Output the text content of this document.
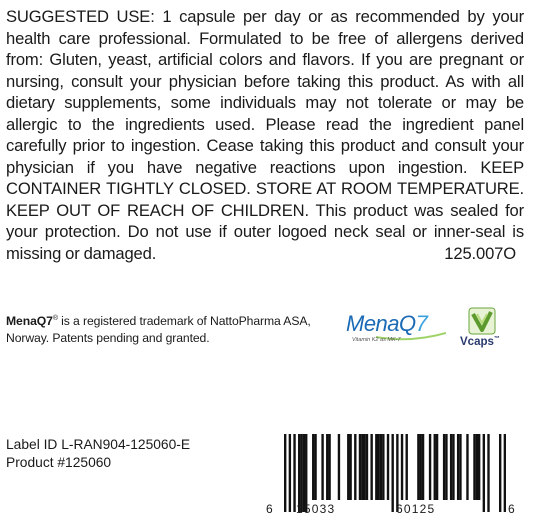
SUGGESTED USE: 1 capsule per day or as recommended by your health care professional. Formulated to be free of allergens derived from: Gluten, yeast, artificial colors and flavors. If you are pregnant or nursing, consult your physician before taking this product. As with all dietary supplements, some individuals may not tolerate or may be allergic to the ingredients used. Please read the ingredient panel carefully prior to ingestion. Cease taking this product and consult your physician if you have negative reactions upon ingestion. KEEP CONTAINER TIGHTLY CLOSED. STORE AT ROOM TEMPERATURE. KEEP OUT OF REACH OF CHILDREN. This product was sealed for your protection. Do not use if outer logoed neck seal or inner-seal is missing or damaged.	125.007O
MenaQ7® is a registered trademark of NattoPharma ASA, Norway. Patents pending and granted.
MenaQ7
Vitamin K2 as MK-7	Vcaps™
Label ID L-RAN904-125060-E
Product #125060
6 15033	60125	6
